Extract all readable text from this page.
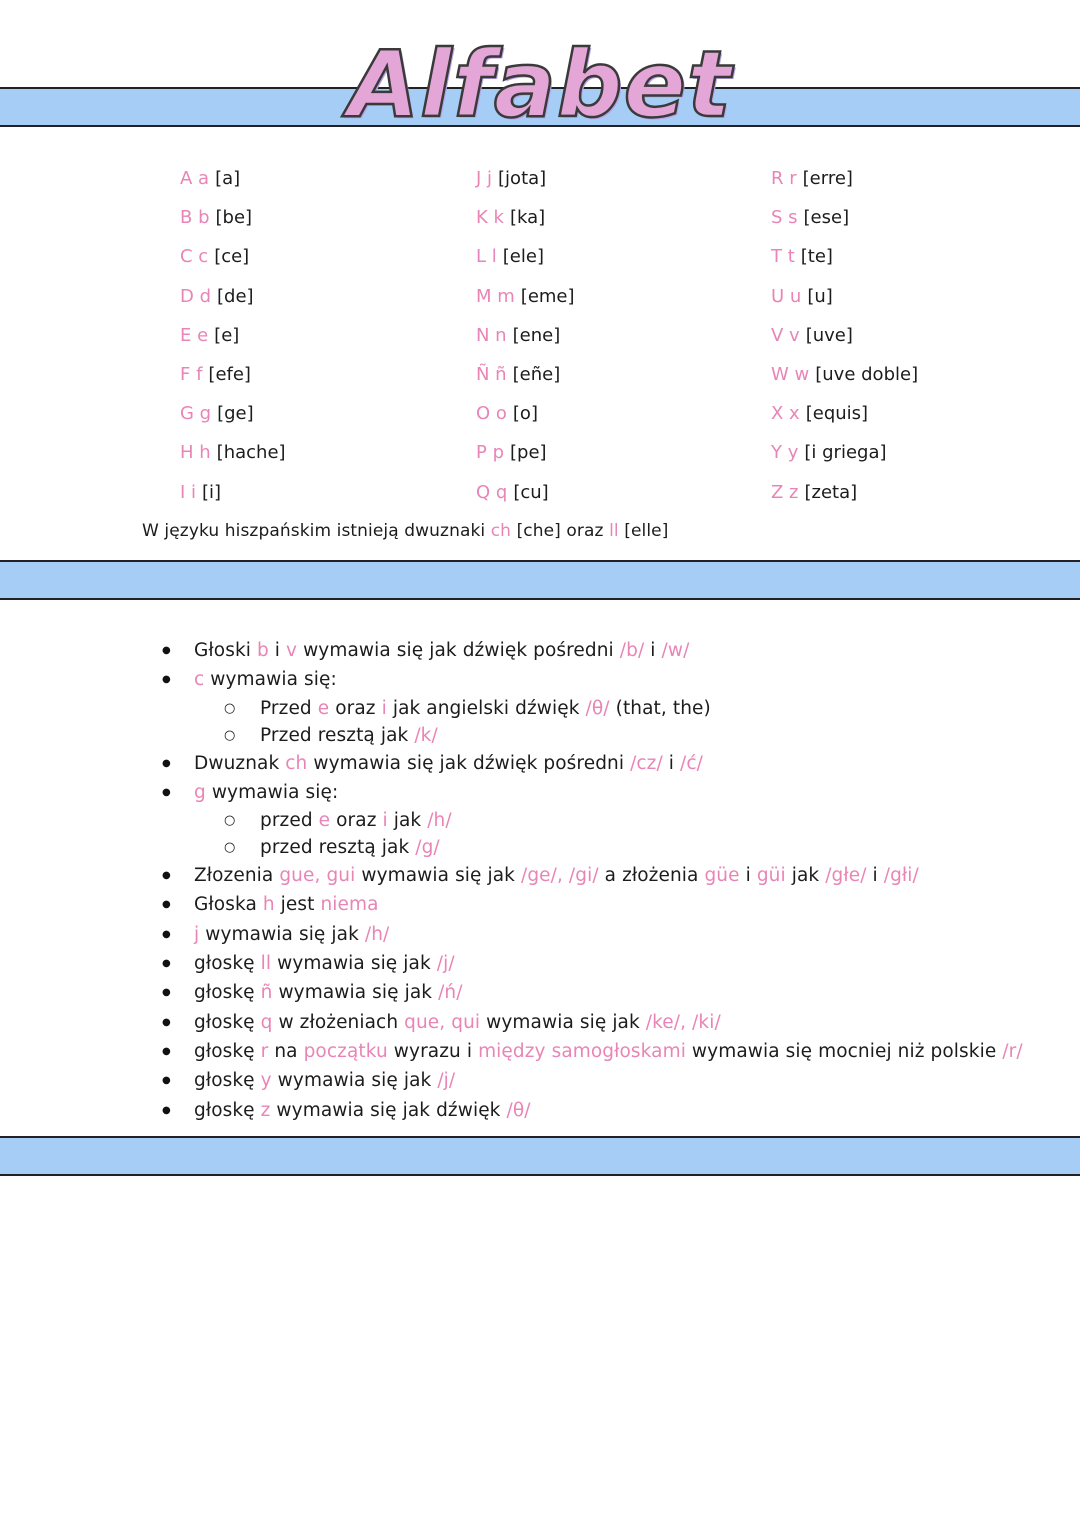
Alfabet
A a [a]
B b [be]
C c [ce]
D d [de]
E e [e]
F f [efe]
G g [ge]
H h [hache]
I i [i]
J j [jota]
K k [ka]
L l [ele]
M m [eme]
N n [ene]
Ñ ñ [eñe]
O o [o]
P p [pe]
Q q [cu]
R r [erre]
S s [ese]
T t [te]
U u [u]
V v [uve]
W w [uve doble]
X x [equis]
Y y [i griega]
Z z [zeta]
W języku hiszpańskim istnieją dwuznaki ch [che] oraz ll [elle]
● Głoski b i v wymawia się jak dźwięk pośredni /b/ i /w/
● c wymawia się:
○ Przed e oraz i jak angielski dźwięk /θ/ (that, the)
○ Przed resztą jak /k/
● Dwuznak ch wymawia się jak dźwięk pośredni /cz/ i /ć/
● g wymawia się:
○ przed e oraz i jak /h/
○ przed resztą jak /g/
● Złozenia gue, gui wymawia się jak /ge/, /gi/ a złożenia güe i güi jak /głe/ i /głi/
● Głoska h jest niema
● j wymawia się jak /h/
● głoskę ll wymawia się jak /j/
● głoskę ñ wymawia się jak /ń/
● głoskę q w złożeniach que, qui wymawia się jak /ke/, /ki/
● głoskę r na początku wyrazu i między samogłoskami wymawia się mocniej niż polskie /r/
● głoskę y wymawia się jak /j/
● głoskę z wymawia się jak dźwięk /θ/
